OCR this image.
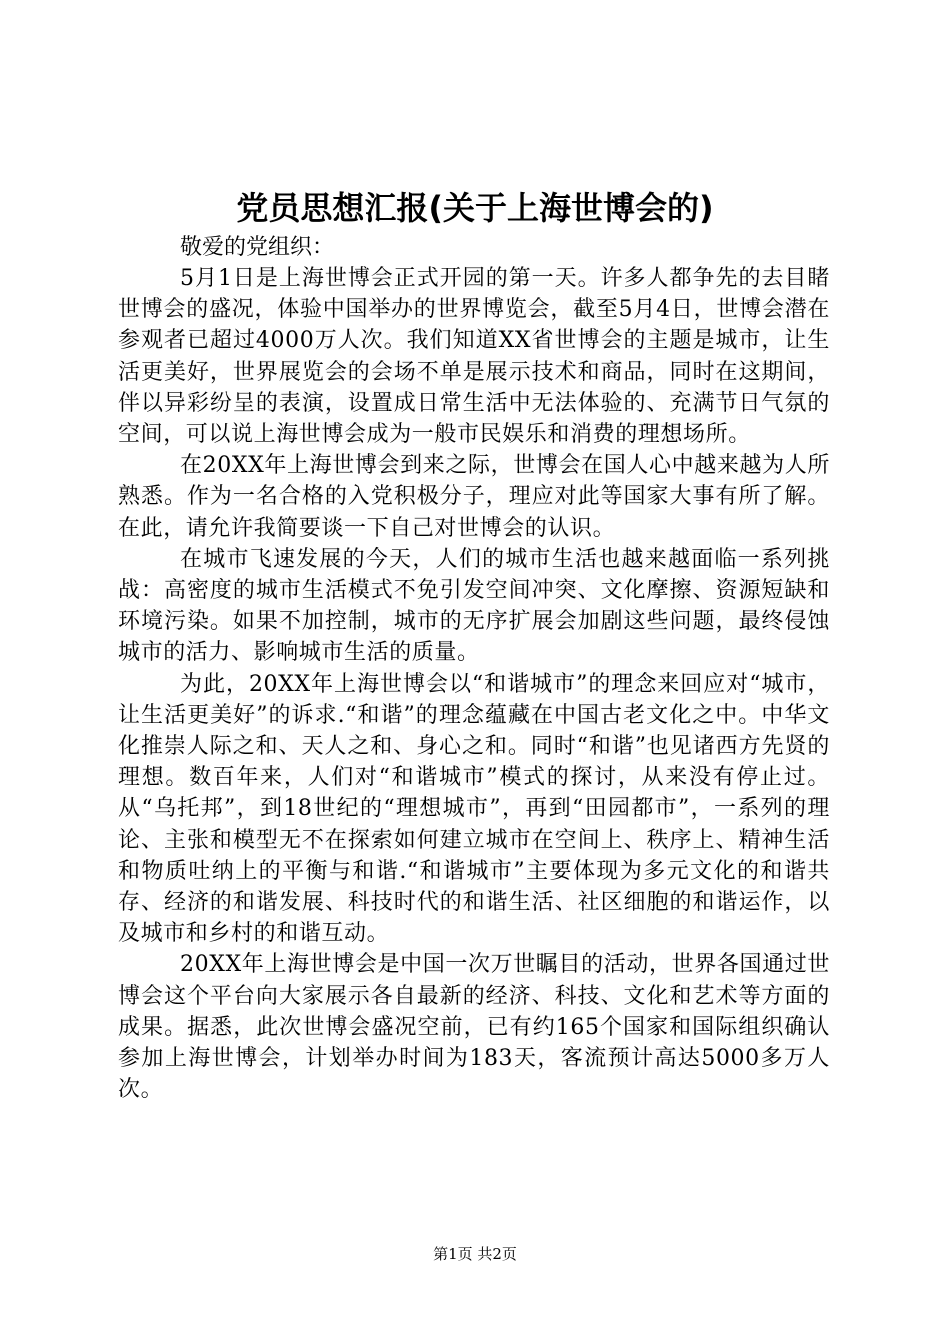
党员思想汇报(关于上海世博会的)

敬爱的党组织：

5月1日是上海世博会正式开园的第一天。许多人都争先的去目睹世博会的盛况，体验中国举办的世界博览会，截至5月4日，世博会潜在参观者已超过4000万人次。我们知道XX省世博会的主题是城市，让生活更美好，世界展览会的会场不单是展示技术和商品，同时在这期间，伴以异彩纷呈的表演，设置成日常生活中无法体验的、充满节日气氛的空间，可以说上海世博会成为一般市民娱乐和消费的理想场所。

在20XX年上海世博会到来之际，世博会在国人心中越来越为人所熟悉。作为一名合格的入党积极分子，理应对此等国家大事有所了解。在此，请允许我简要谈一下自己对世博会的认识。

在城市飞速发展的今天，人们的城市生活也越来越面临一系列挑战：高密度的城市生活模式不免引发空间冲突、文化摩擦、资源短缺和环境污染。如果不加控制，城市的无序扩展会加剧这些问题，最终侵蚀城市的活力、影响城市生活的质量。

为此，20XX年上海世博会以“和谐城市”的理念来回应对“城市，让生活更美好”的诉求.“和谐”的理念蕴藏在中国古老文化之中。中华文化推崇人际之和、天人之和、身心之和。同时“和谐”也见诸西方先贤的理想。数百年来，人们对“和谐城市”模式的探讨，从来没有停止过。从“乌托邦”，到18世纪的“理想城市”，再到“田园都市”，一系列的理论、主张和模型无不在探索如何建立城市在空间上、秩序上、精神生活和物质吐纳上的平衡与和谐.“和谐城市”主要体现为多元文化的和谐共存、经济的和谐发展、科技时代的和谐生活、社区细胞的和谐运作，以及城市和乡村的和谐互动。

20XX年上海世博会是中国一次万世瞩目的活动，世界各国通过世博会这个平台向大家展示各自最新的经济、科技、文化和艺术等方面的成果。据悉，此次世博会盛况空前，已有约165个国家和国际组织确认参加上海世博会，计划举办时间为183天，客流预计高达5000多万人次。

第1页 共2页
